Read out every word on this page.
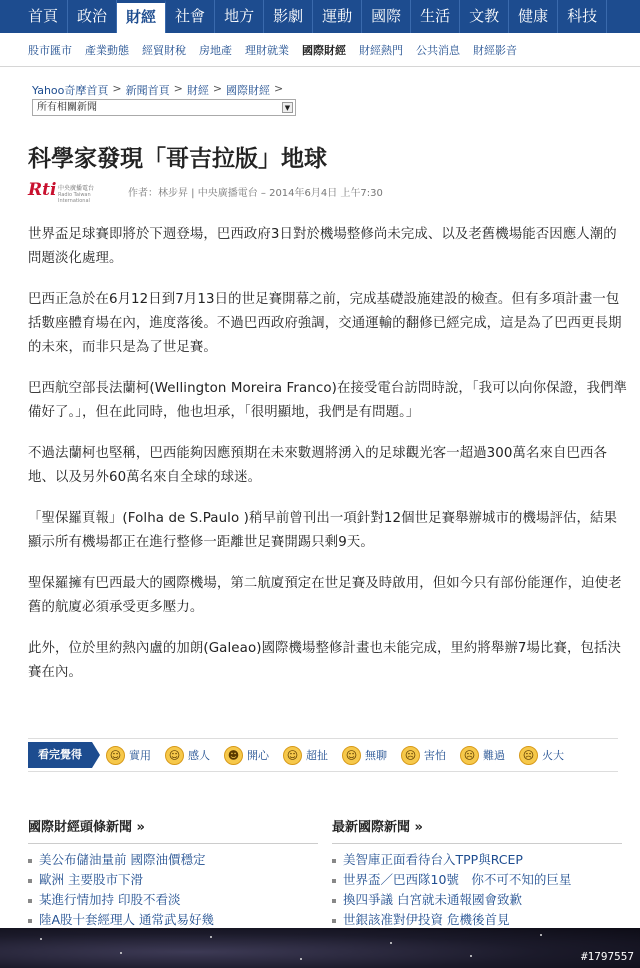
首頁	政治	財經	社會	地方	影劇	運動	國際	生活	文教	健康	科技
股市匯市 產業動態 經貿財稅 房地產 理財就業 國際財經 財經熱門 公共消息 財經影音
Yahoo奇摩首頁 > 新聞首頁 > 財經 > 國際財經 >
所有相關新聞	▼
科學家發現「哥吉拉版」地球
Rti 中央廣播電台
Radio Taiwan International
作者：林步昇 | 中央廣播電台 – 2014年6月4日 上午7:30

世界盃足球賽即將於下週登場，巴西政府3日對於機場整修尚未完成、以及老舊機場能否因應人潮的問題淡化處理。

巴西正急於在6月12日到7月13日的世足賽開幕之前，完成基礎設施建設的檢查。但有多項計畫一包括數座體育場在內，進度落後。不過巴西政府強調，交通運輸的翻修已經完成，這是為了巴西更長期的未來，而非只是為了世足賽。

巴西航空部長法蘭柯(Wellington Moreira Franco)在接受電台訪問時說，「我可以向你保證，我們準備好了。」，但在此同時，他也坦承，「很明顯地，我們是有問題。」

不過法蘭柯也堅稱，巴西能夠因應預期在未來數週將湧入的足球觀光客一超過300萬名來自巴西各地、以及另外60萬名來自全球的球迷。

「聖保羅頁報」(Folha de S.Paulo )稍早前曾刊出一項針對12個世足賽舉辦城市的機場評估，結果顯示所有機場都正在進行整修一距離世足賽開踢只剩9天。

聖保羅擁有巴西最大的國際機場，第二航廈預定在世足賽及時啟用，但如今只有部份能運作，迫使老舊的航廈必須承受更多壓力。

此外，位於里約熱內盧的加朗(Galeao)國際機場整修計畫也未能完成，里約將舉辦7場比賽，包括決賽在內。

看完覺得	☺ 實用	☺ 感人	☻ 開心	☺ 超扯	☺ 無聊	☹ 害怕	☹ 難過	☹ 火大
國際財經頭條新聞 »
美公布儲油量前 國際油價穩定
歐洲 主要股市下滑
某進行情加持 印股不看淡
陸A股十套經理人 通常武易好幾
最新國際新聞 »
美智庫正面看待台入TPP與RCEP
世界盃／巴西隊10號　你不可不知的巨星
換四爭議 白宮就未通報國會致歉
世銀該准對伊投資 危機後首見
#1797557
